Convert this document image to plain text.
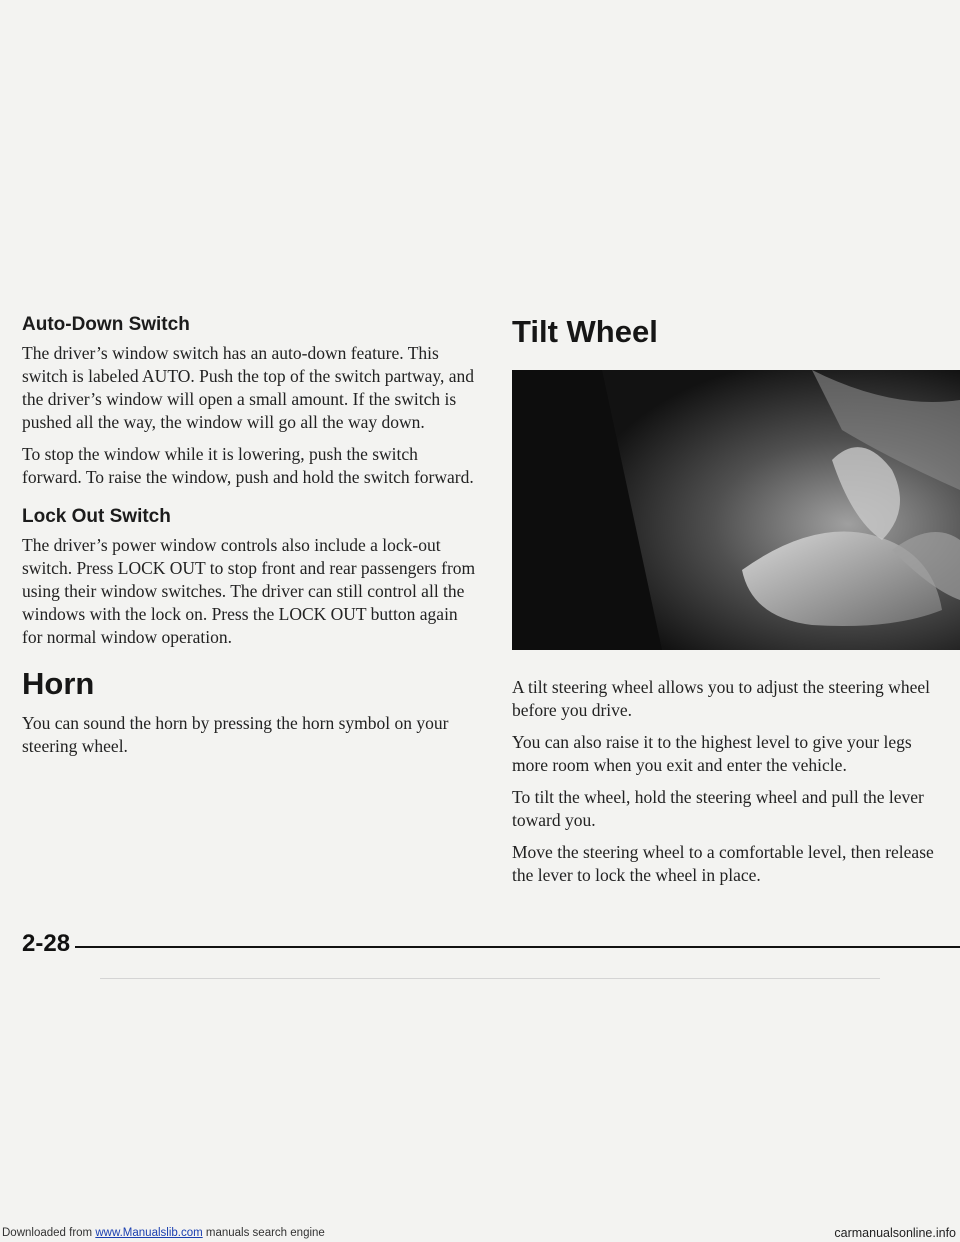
Auto-Down Switch

The driver’s window switch has an auto-down feature. This switch is labeled AUTO. Push the top of the switch partway, and the driver’s window will open a small amount. If the switch is pushed all the way, the window will go all the way down.

To stop the window while it is lowering, push the switch forward. To raise the window, push and hold the switch forward.

Lock Out Switch

The driver’s power window controls also include a lock-out switch. Press LOCK OUT to stop front and rear passengers from using their window switches. The driver can still control all the windows with the lock on. Press the LOCK OUT button again for normal window operation.

Horn

You can sound the horn by pressing the horn symbol on your steering wheel.

Tilt Wheel

A tilt steering wheel allows you to adjust the steering wheel before you drive.

You can also raise it to the highest level to give your legs more room when you exit and enter the vehicle.

To tilt the wheel, hold the steering wheel and pull the lever toward you.

Move the steering wheel to a comfortable level, then release the lever to lock the wheel in place.

2-28
Downloaded from www.Manualslib.com manuals search engine	carmanualsonline.info
